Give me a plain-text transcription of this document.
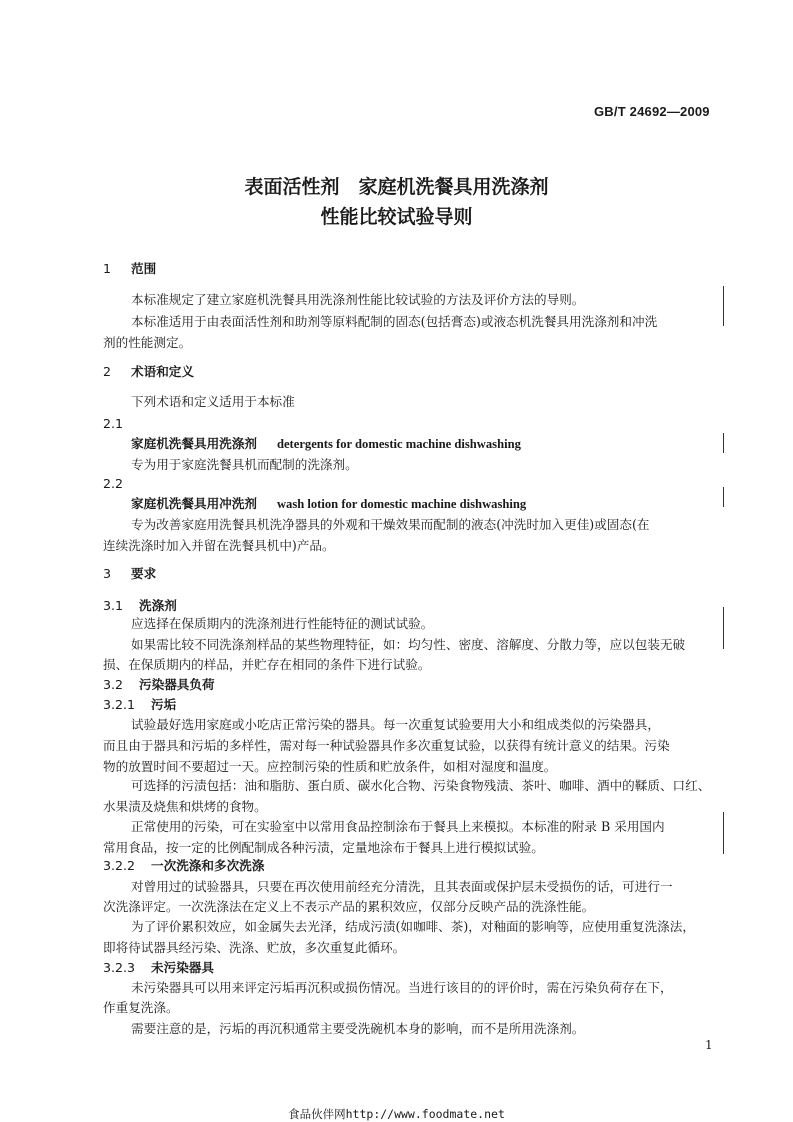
GB/T 24692—2009
表面活性剂　家庭机洗餐具用洗涤剂
性能比较试验导则
1 范围
本标准规定了建立家庭机洗餐具用洗涤剂性能比较试验的方法及评价方法的导则。
本标准适用于由表面活性剂和助剂等原料配制的固态(包括膏态)或液态机洗餐具用洗涤剂和冲洗
剂的性能测定。
2 术语和定义
下列术语和定义适用于本标准
2.1
家庭机洗餐具用洗涤剂 detergents for domestic machine dishwashing
专为用于家庭洗餐具机而配制的洗涤剂。
2.2
家庭机洗餐具用冲洗剂 wash lotion for domestic machine dishwashing
专为改善家庭用洗餐具机洗净器具的外观和干燥效果而配制的液态(冲洗时加入更佳)或固态(在
连续洗涤时加入并留在洗餐具机中)产品。
3 要求
3.1 洗涤剂
应选择在保质期内的洗涤剂进行性能特征的测试试验。
如果需比较不同洗涤剂样品的某些物理特征，如：均匀性、密度、溶解度、分散力等，应以包装无破
损、在保质期内的样品，并贮存在相同的条件下进行试验。
3.2 污染器具负荷
3.2.1 污垢
试验最好选用家庭或小吃店正常污染的器具。每一次重复试验要用大小和组成类似的污染器具，
而且由于器具和污垢的多样性，需对每一种试验器具作多次重复试验，以获得有统计意义的结果。污染
物的放置时间不要超过一天。应控制污染的性质和贮放条件，如相对湿度和温度。
可选择的污渍包括：油和脂肪、蛋白质、碳水化合物、污染食物残渍、茶叶、咖啡、酒中的鞣质、口红、
水果渍及烧焦和烘烤的食物。
正常使用的污染，可在实验室中以常用食品控制涂布于餐具上来模拟。本标准的附录 B 采用国内
常用食品，按一定的比例配制成各种污渍，定量地涂布于餐具上进行模拟试验。
3.2.2 一次洗涤和多次洗涤
对曾用过的试验器具，只要在再次使用前经充分清洗，且其表面或保护层未受损伤的话，可进行一
次洗涤评定。一次洗涤法在定义上不表示产品的累积效应，仅部分反映产品的洗涤性能。
为了评价累积效应，如金属失去光泽，结成污渍(如咖啡、茶)，对釉面的影响等，应使用重复洗涤法，
即将待试器具经污染、洗涤、贮放，多次重复此循环。
3.2.3 未污染器具
未污染器具可以用来评定污垢再沉积或损伤情况。当进行该目的的评价时，需在污染负荷存在下，
作重复洗涤。
需要注意的是，污垢的再沉积通常主要受洗碗机本身的影响，而不是所用洗涤剂。
1
食品伙伴网http://www.foodmate.net
